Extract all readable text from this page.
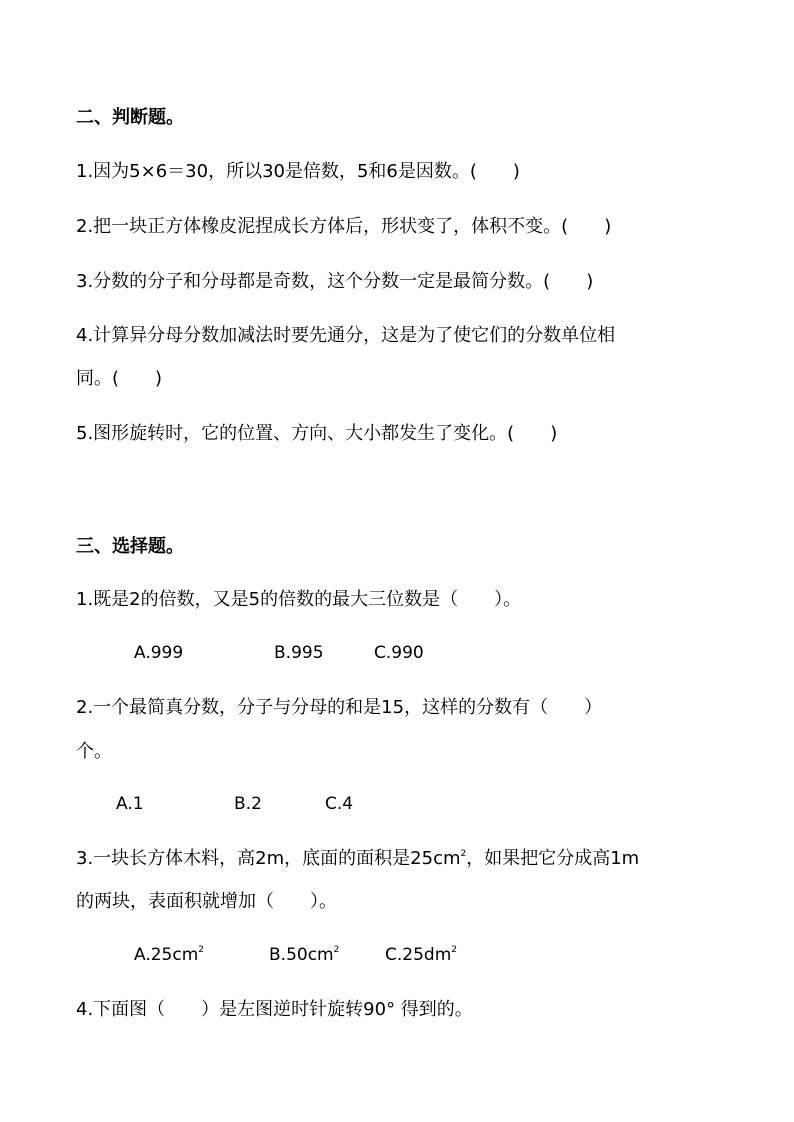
二、判断题。
1.因为5×6＝30，所以30是倍数，5和6是因数。(　　)
2.把一块正方体橡皮泥捏成长方体后，形状变了，体积不变。(　　)
3.分数的分子和分母都是奇数，这个分数一定是最简分数。(　　)
4.计算异分母分数加减法时要先通分，这是为了使它们的分数单位相
同。(　　)
5.图形旋转时，它的位置、方向、大小都发生了变化。(　　)
三、选择题。
1.既是2的倍数，又是5的倍数的最大三位数是（　　）。
A.999	B.995	C.990
2.一个最简真分数，分子与分母的和是15，这样的分数有（　　）
个。
A.1	B.2	C.4
3.一块长方体木料，高2m，底面的面积是$25cm^2$，如果把它分成高1m
的两块，表面积就增加（　　）。
$A.25cm^2$	$B.50cm^2$	$C.25dm^2$
4.下面图（　　）是左图逆时针旋转90° 得到的。
